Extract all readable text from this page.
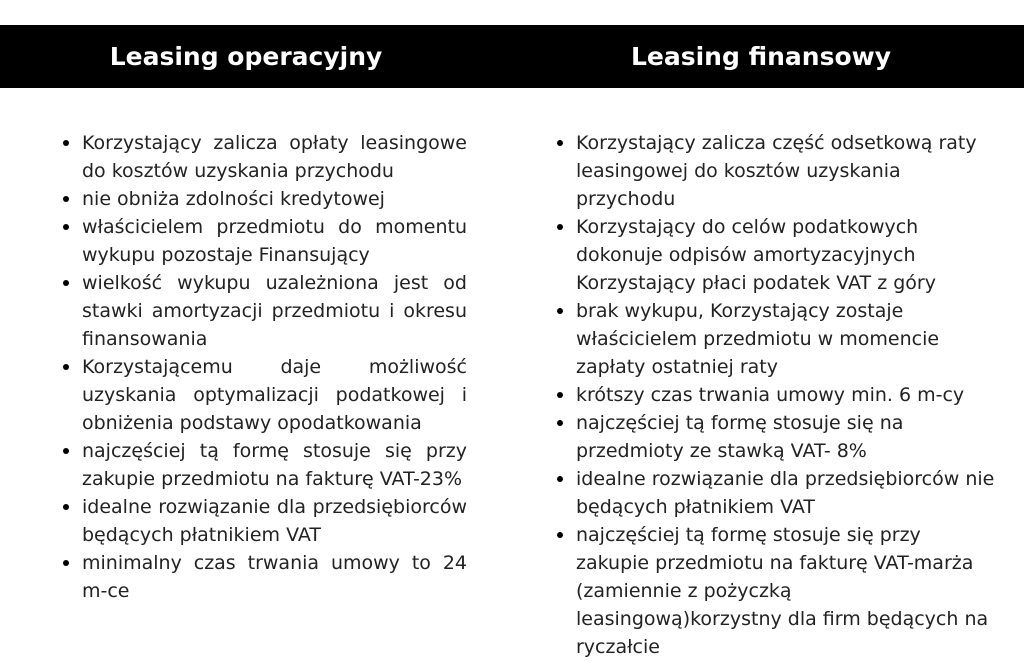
Leasing operacyjny	Leasing finansowy
Korzystający zalicza opłaty leasingowe do kosztów uzyskania przychodu
nie obniża zdolności kredytowej
właścicielem przedmiotu do momentu wykupu pozostaje Finansujący
wielkość wykupu uzależniona jest od stawki amortyzacji przedmiotu i okresu finansowania
Korzystającemu daje możliwość uzyskania optymalizacji podatkowej i obniżenia podstawy opodatkowania
najczęściej tą formę stosuje się przy zakupie przedmiotu na fakturę VAT-23%
idealne rozwiązanie dla przedsiębiorców będących płatnikiem VAT
minimalny czas trwania umowy to 24 m-ce
Korzystający zalicza część odsetkową raty leasingowej do kosztów uzyskania przychodu
Korzystający do celów podatkowych dokonuje odpisów amortyzacyjnych Korzystający płaci podatek VAT z góry
brak wykupu, Korzystający zostaje właścicielem przedmiotu w momencie zapłaty ostatniej raty
krótszy czas trwania umowy min. 6 m-cy
najczęściej tą formę stosuje się na przedmioty ze stawką VAT- 8%
idealne rozwiązanie dla przedsiębiorców nie będących płatnikiem VAT
najczęściej tą formę stosuje się przy zakupie przedmiotu na fakturę VAT-marża (zamiennie z pożyczką leasingową)korzystny dla firm będących na ryczałcie
